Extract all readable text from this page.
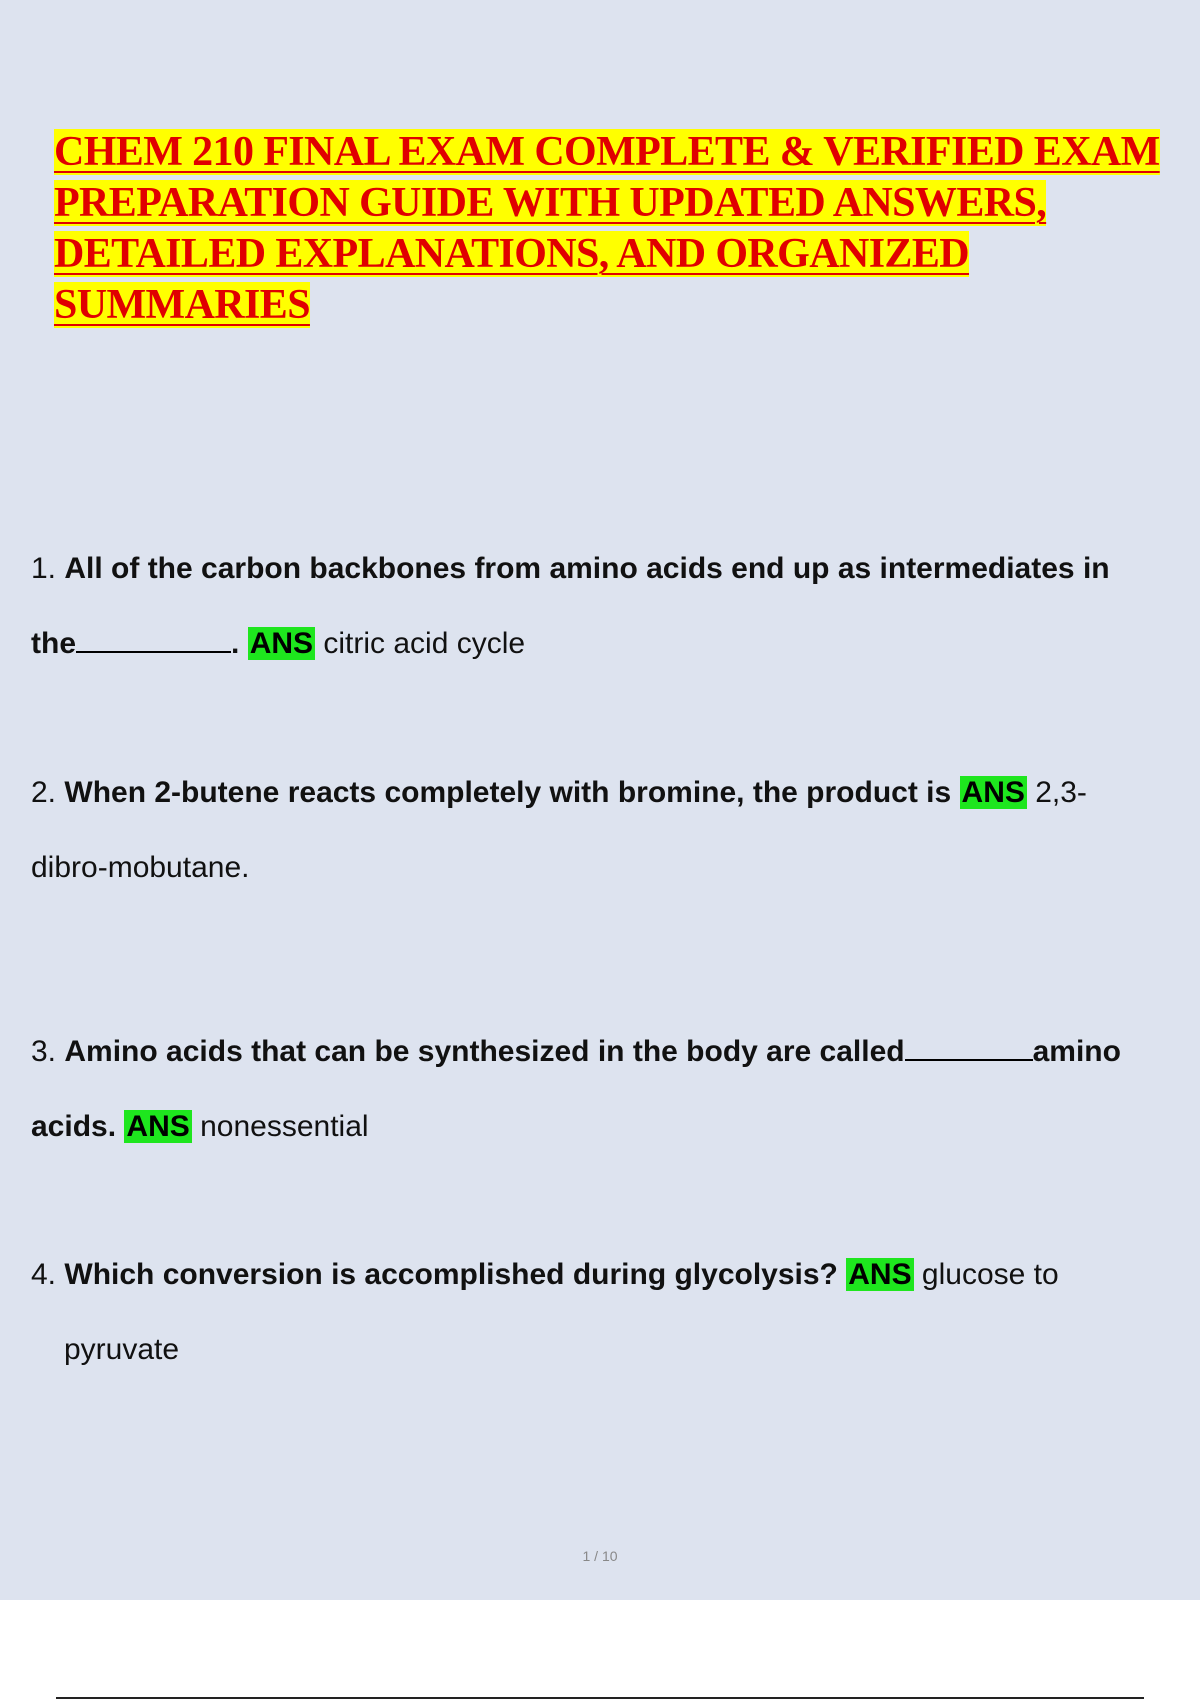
CHEM 210 FINAL EXAM COMPLETE & VERIFIED EXAM
PREPARATION GUIDE WITH UPDATED ANSWERS,
DETAILED EXPLANATIONS, AND ORGANIZED
SUMMARIES
1. All of the carbon backbones from amino acids end up as intermediates in
the	. ANS citric acid cycle
2. When 2-butene reacts completely with bromine, the product is ANS 2,3-
dibro-mobutane.
3. Amino acids that can be synthesized in the body are called	amino
acids. ANS nonessential
4. Which conversion is accomplished during glycolysis? ANS glucose to
pyruvate
1 / 10
